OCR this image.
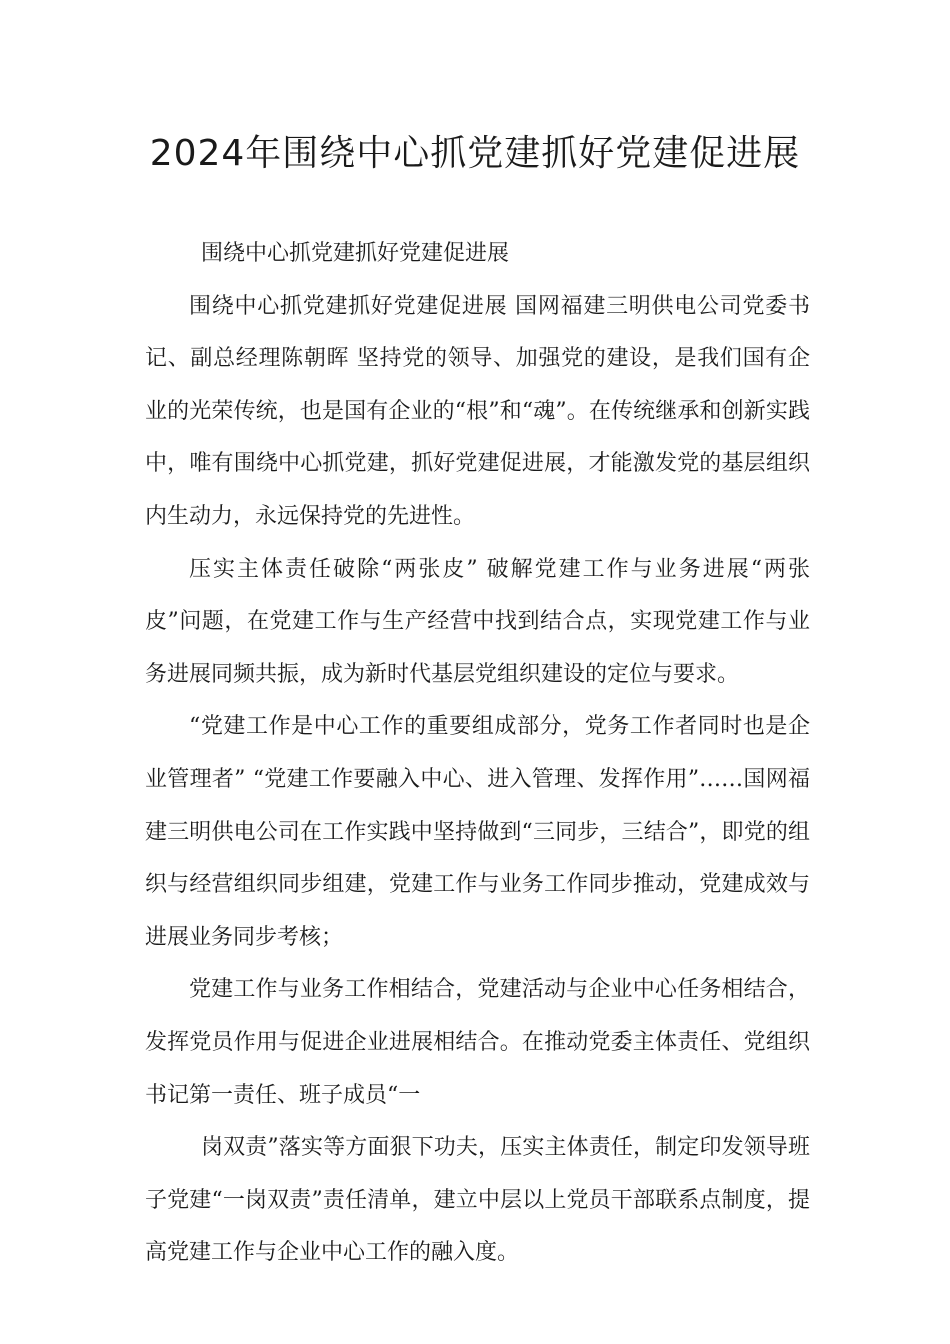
2024年围绕中心抓党建抓好党建促进展

围绕中心抓党建抓好党建促进展

围绕中心抓党建抓好党建促进展 国网福建三明供电公司党委书记、副总经理陈朝晖 坚持党的领导、加强党的建设，是我们国有企业的光荣传统，也是国有企业的“根”和“魂”。在传统继承和创新实践中，唯有围绕中心抓党建，抓好党建促进展，才能激发党的基层组织内生动力，永远保持党的先进性。

压实主体责任破除“两张皮” 破解党建工作与业务进展“两张皮”问题，在党建工作与生产经营中找到结合点，实现党建工作与业务进展同频共振，成为新时代基层党组织建设的定位与要求。

“党建工作是中心工作的重要组成部分，党务工作者同时也是企业管理者” “党建工作要融入中心、进入管理、发挥作用”……国网福建三明供电公司在工作实践中坚持做到“三同步，三结合”，即党的组织与经营组织同步组建，党建工作与业务工作同步推动，党建成效与进展业务同步考核；

党建工作与业务工作相结合，党建活动与企业中心任务相结合，发挥党员作用与促进企业进展相结合。在推动党委主体责任、党组织书记第一责任、班子成员“一

岗双责”落实等方面狠下功夫，压实主体责任，制定印发领导班子党建“一岗双责”责任清单，建立中层以上党员干部联系点制度，提高党建工作与企业中心工作的融入度。
